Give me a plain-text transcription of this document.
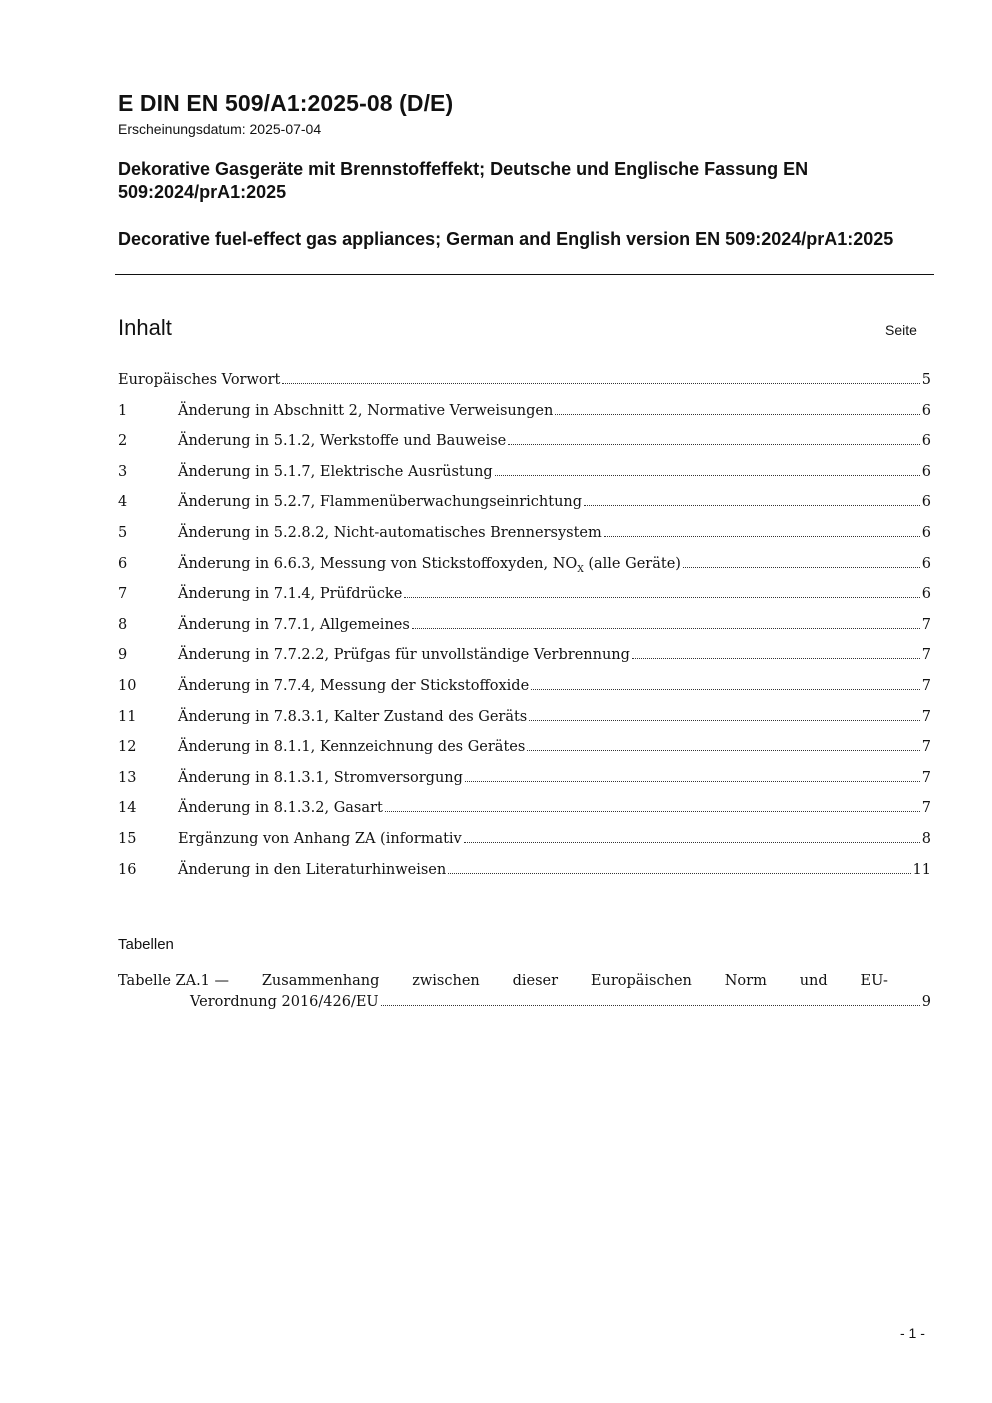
E DIN EN 509/A1:2025-08 (D/E)
Erscheinungsdatum: 2025-07-04
Dekorative Gasgeräte mit Brennstoffeffekt; Deutsche und Englische Fassung EN 509:2024/prA1:2025
Decorative fuel-effect gas appliances; German and English version EN 509:2024/prA1:2025
Inhalt	Seite
Europäisches Vorwort	5
1	Änderung in Abschnitt 2, Normative Verweisungen	6
2	Änderung in 5.1.2, Werkstoffe und Bauweise	6
3	Änderung in 5.1.7, Elektrische Ausrüstung	6
4	Änderung in 5.2.7, Flammenüberwachungseinrichtung	6
5	Änderung in 5.2.8.2, Nicht-automatisches Brennersystem	6
6	Änderung in 6.6.3, Messung von Stickstoffoxyden, $NO_X$ (alle Geräte)	6
7	Änderung in 7.1.4, Prüfdrücke	6
8	Änderung in 7.7.1, Allgemeines	7
9	Änderung in 7.7.2.2, Prüfgas für unvollständige Verbrennung	7
10	Änderung in 7.7.4, Messung der Stickstoffoxide	7
11	Änderung in 7.8.3.1, Kalter Zustand des Geräts	7
12	Änderung in 8.1.1, Kennzeichnung des Gerätes	7
13	Änderung in 8.1.3.1, Stromversorgung	7
14	Änderung in 8.1.3.2, Gasart	7
15	Ergänzung von Anhang ZA (informativ	8
16	Änderung in den Literaturhinweisen	11
Tabellen
Tabelle ZA.1 — Zusammenhang zwischen dieser Europäischen Norm und EU-
Verordnung 2016/426/EU	9
- 1 -
